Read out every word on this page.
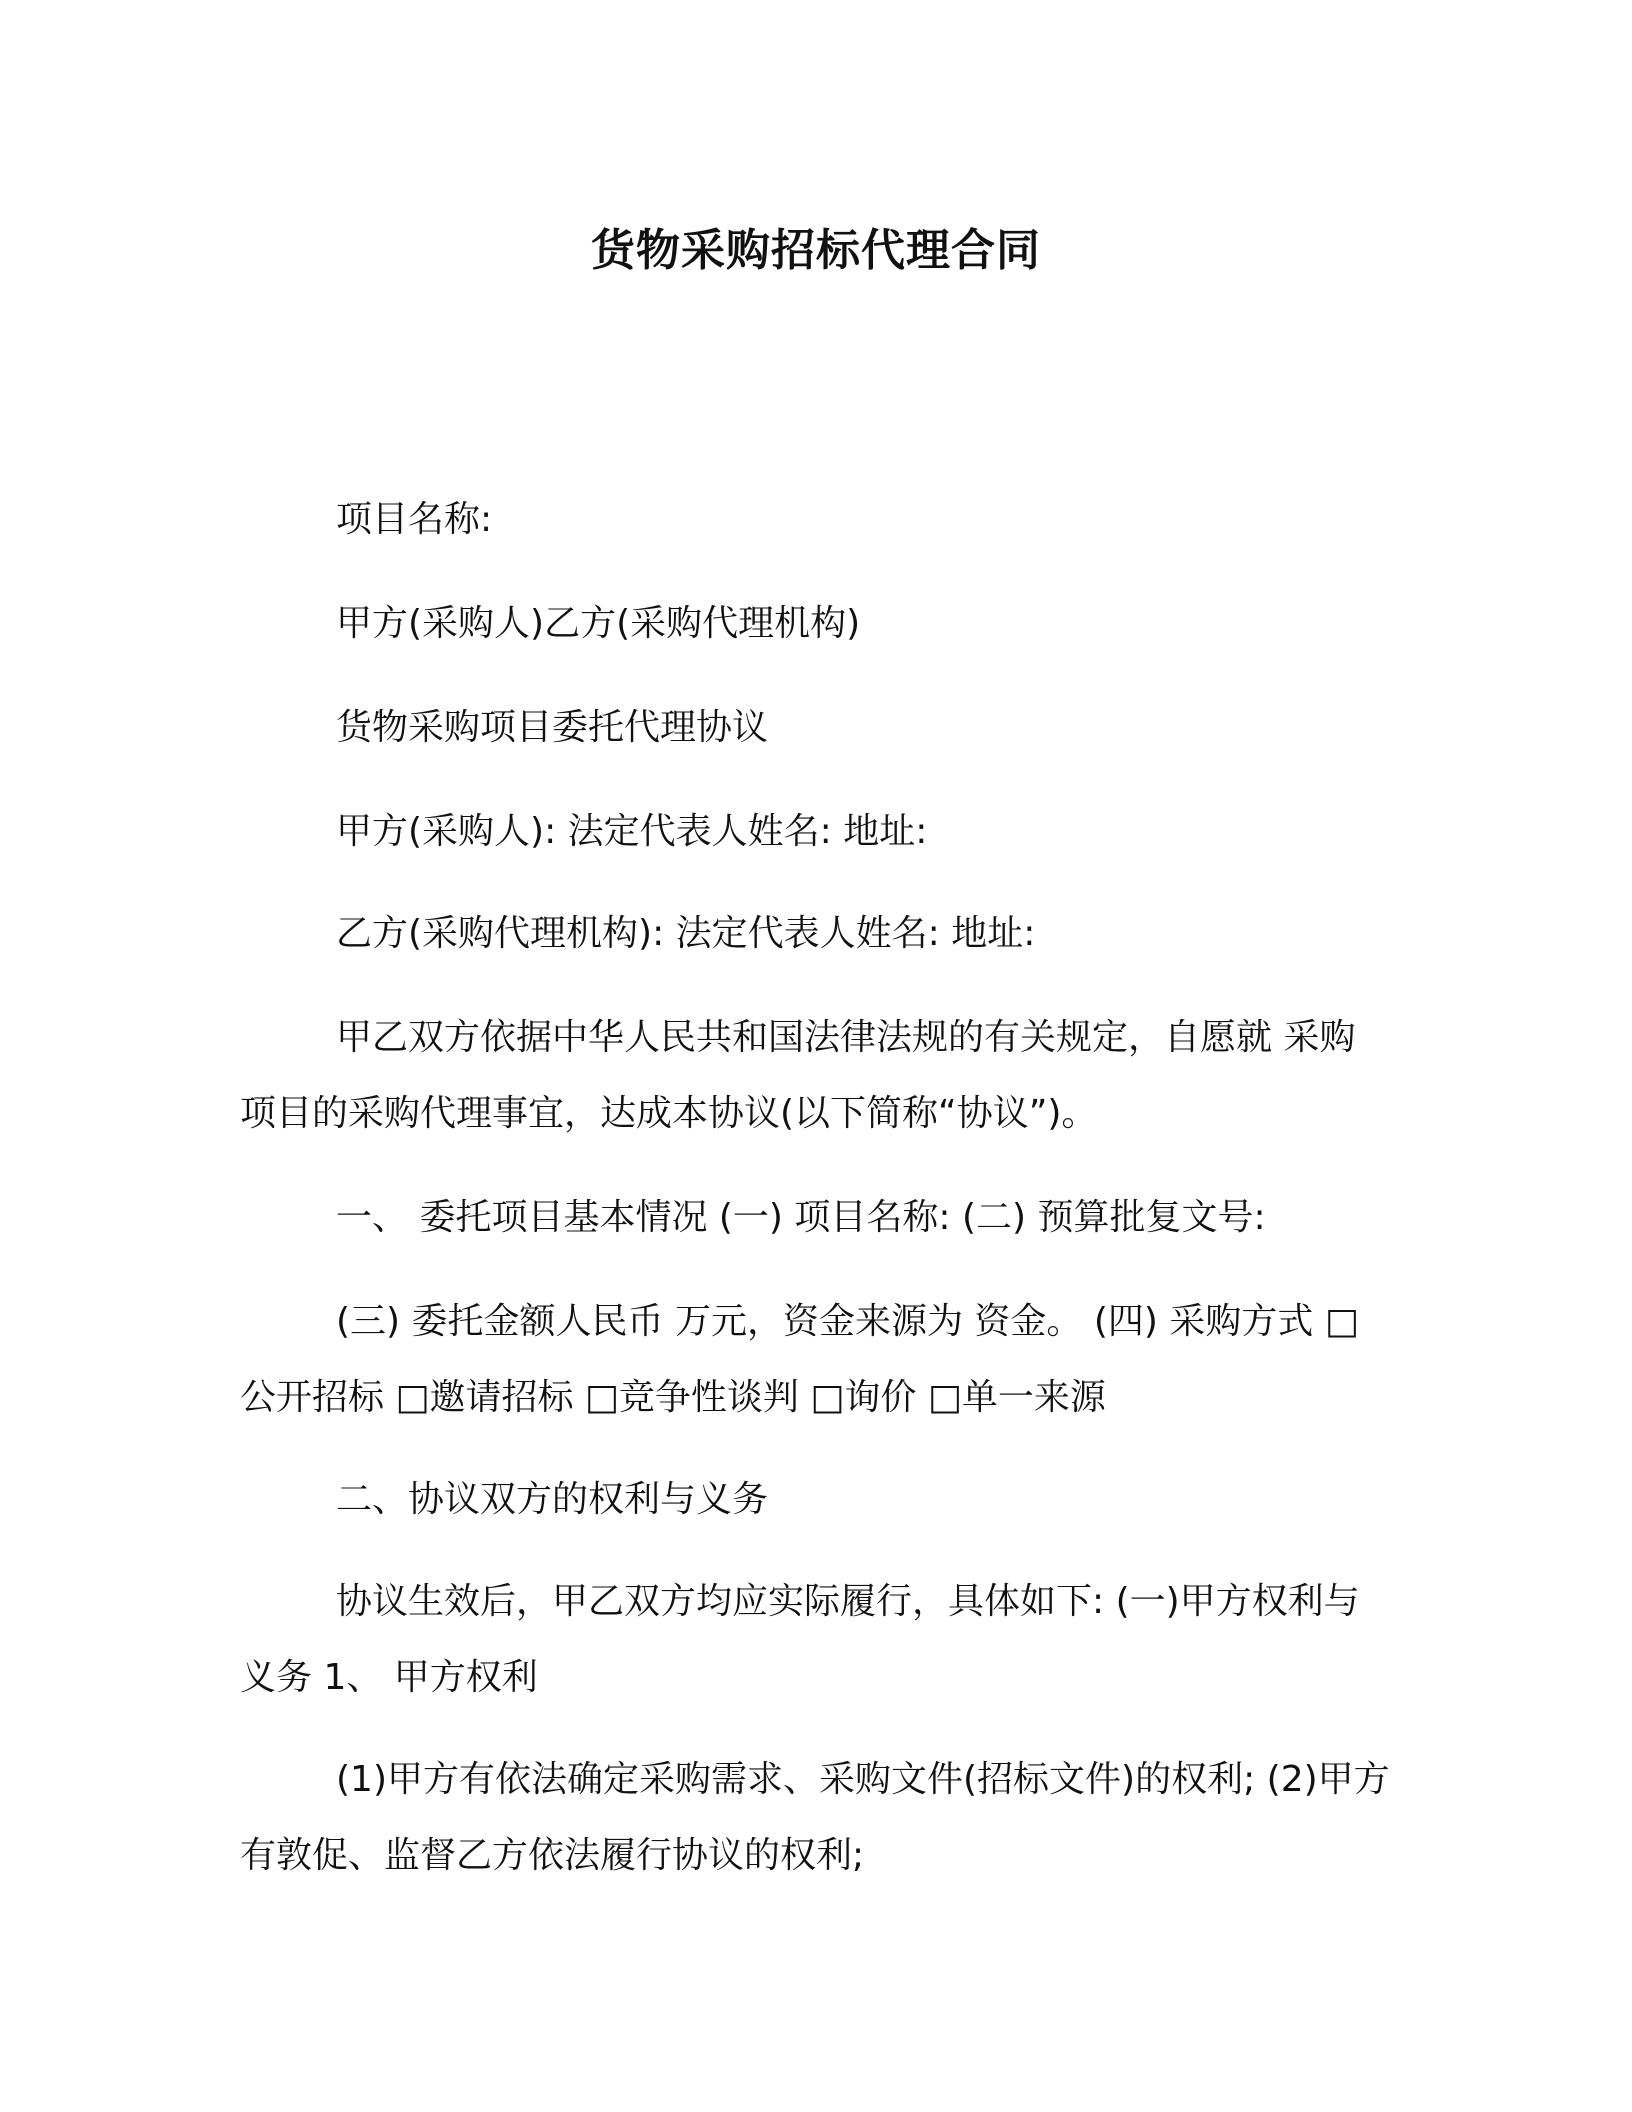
货物采购招标代理合同
项目名称:
甲方(采购人)乙方(采购代理机构)
货物采购项目委托代理协议
甲方(采购人): 法定代表人姓名: 地址:
乙方(采购代理机构): 法定代表人姓名: 地址:
甲乙双方依据中华人民共和国法律法规的有关规定，自愿就 采购项目的采购代理事宜，达成本协议(以下简称“协议”)。
一、 委托项目基本情况 (一) 项目名称: (二) 预算批复文号:
(三) 委托金额人民币 万元，资金来源为 资金。 (四) 采购方式 □公开招标 □邀请招标 □竞争性谈判 □询价 □单一来源
二、协议双方的权利与义务
协议生效后，甲乙双方均应实际履行，具体如下: (一)甲方权利与义务 1、 甲方权利
(1)甲方有依法确定采购需求、采购文件(招标文件)的权利; (2)甲方有敦促、监督乙方依法履行协议的权利;
